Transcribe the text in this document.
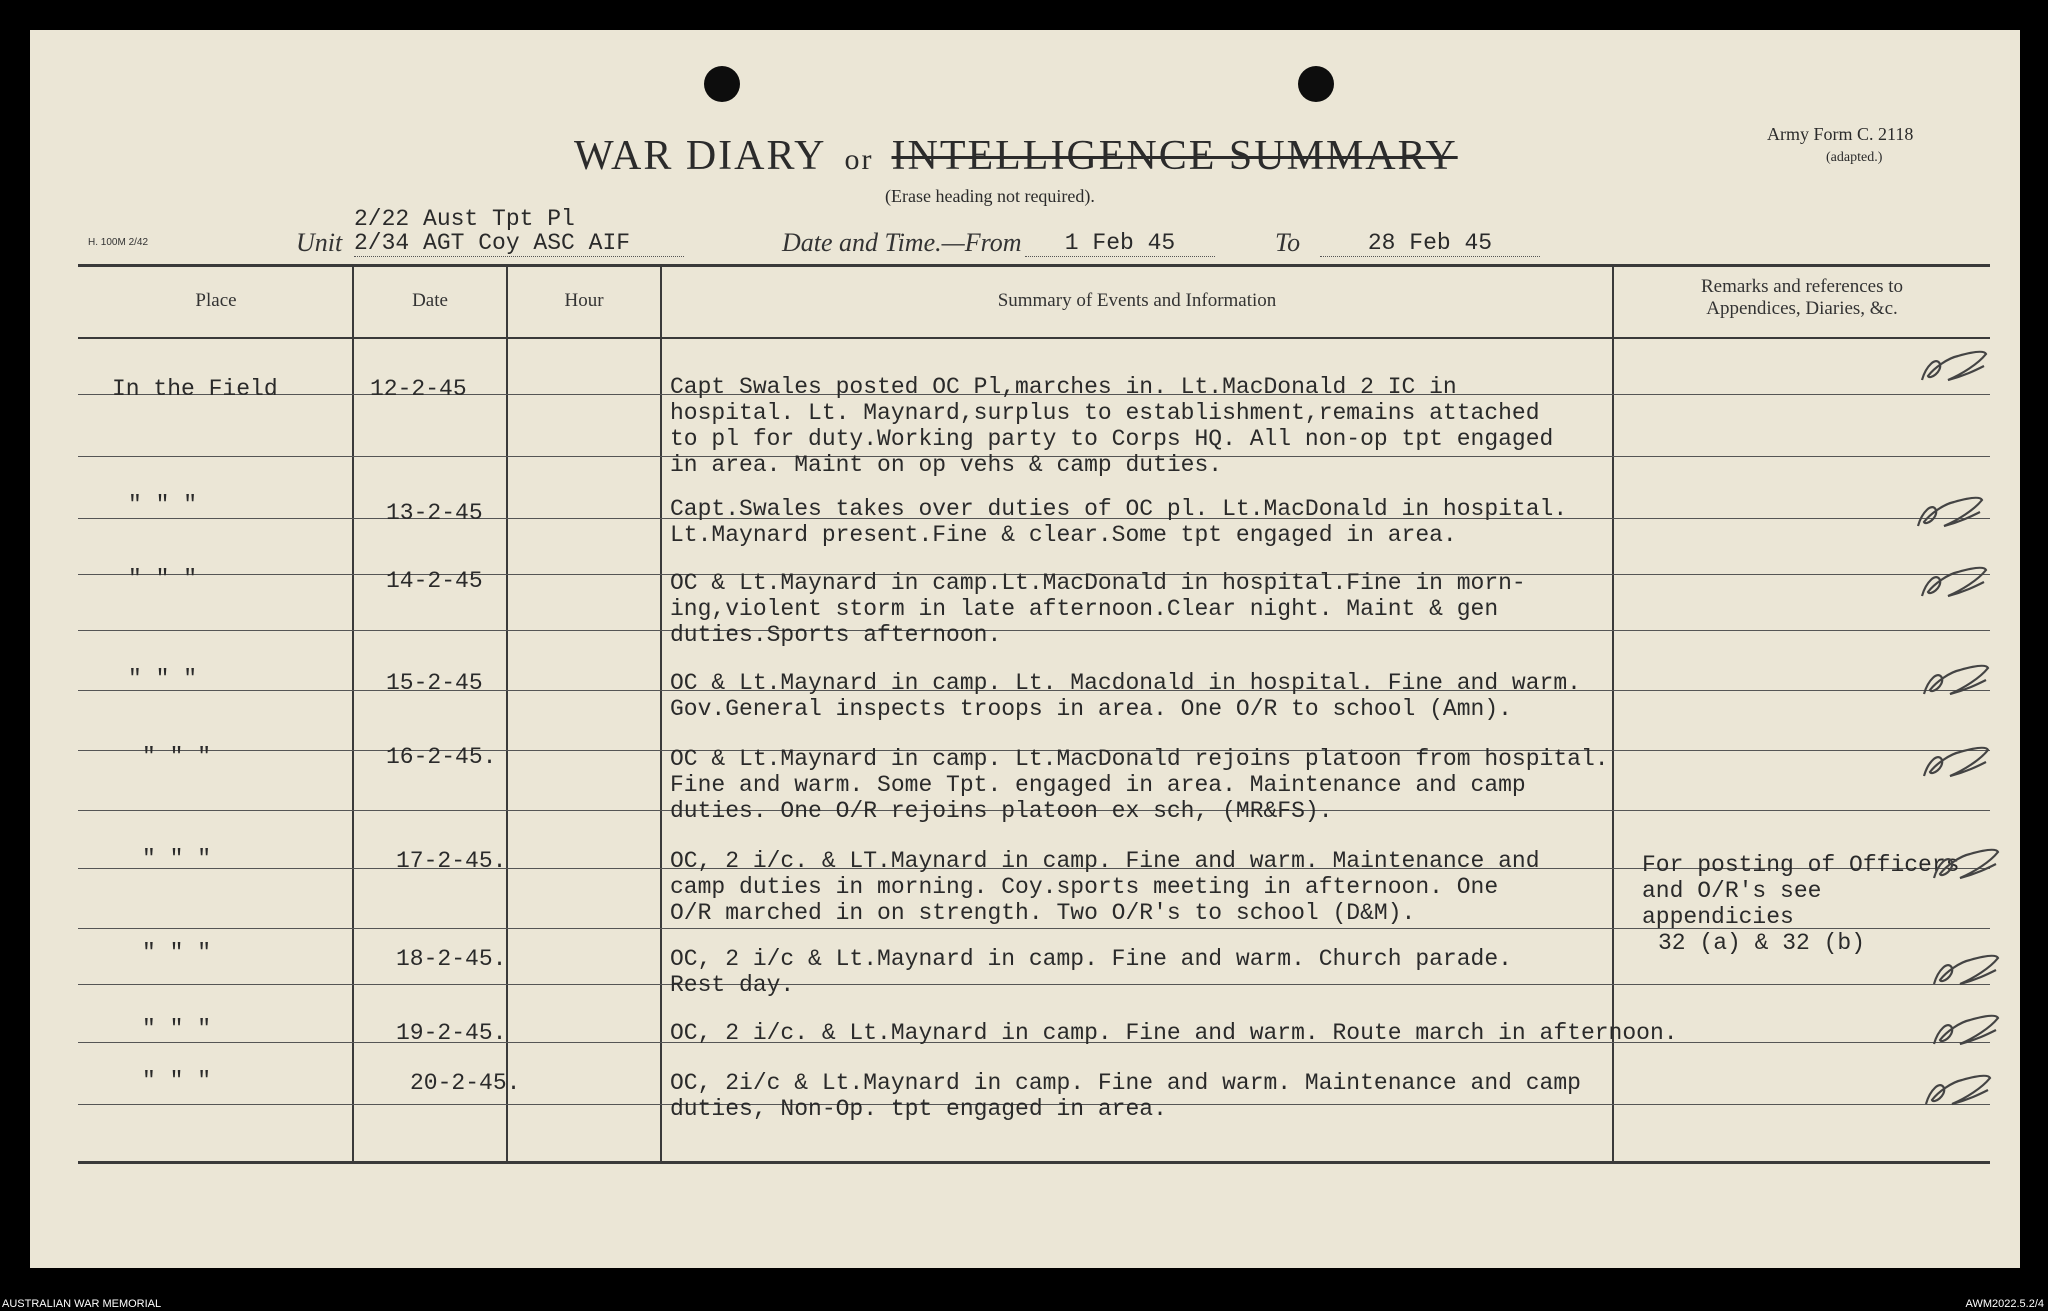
WAR DIARY or INTELLIGENCE SUMMARY
(Erase heading not required).
Army Form C. 2118
(adapted.)
H. 100M 2/42
2/22 Aust Tpt Pl
Unit 2/34 AGT Coy ASC AIF	Date and Time.—From	1 Feb 45	To	28 Feb 45
Place	Date	Hour	Summary of Events and Information
Remarks and references to
Appendices, Diaries, &c.
In the Field	12-2-45	Capt Swales posted OC Pl,marches in. Lt.MacDonald 2 IC in
hospital. Lt. Maynard,surplus to establishment,remains attached
to pl for duty.Working party to Corps HQ. All non-op tpt engaged
in area. Maint on op vehs & camp duties.
" " "	13-2-45	Capt.Swales takes over duties of OC pl. Lt.MacDonald in hospital.
Lt.Maynard present.Fine & clear.Some tpt engaged in area.
" " "	14-2-45	OC & Lt.Maynard in camp.Lt.MacDonald in hospital.Fine in morn-
ing,violent storm in late afternoon.Clear night. Maint & gen
duties.Sports afternoon.
" " "	15-2-45	OC & Lt.Maynard in camp. Lt. Macdonald in hospital. Fine and warm.
Gov.General inspects troops in area. One O/R to school (Amn).
" " "	16-2-45.	OC & Lt.Maynard in camp. Lt.MacDonald rejoins platoon from hospital.
Fine and warm. Some Tpt. engaged in area. Maintenance and camp
duties. One O/R rejoins platoon ex sch, (MR&FS).
" " "	17-2-45.	OC, 2 i/c. & LT.Maynard in camp. Fine and warm. Maintenance and
camp duties in morning. Coy.sports meeting in afternoon. One
O/R marched in on strength. Two O/R's to school (D&M).
For posting of Officers
and O/R's see
appendicies
32 (a) & 32 (b)
" " "	18-2-45.	OC, 2 i/c & Lt.Maynard in camp. Fine and warm. Church parade.
Rest day.
" " "	19-2-45.	OC, 2 i/c. & Lt.Maynard in camp. Fine and warm. Route march in afternoon.
" " "	20-2-45.	OC, 2i/c & Lt.Maynard in camp. Fine and warm. Maintenance and camp
duties, Non-Op. tpt engaged in area.
AUSTRALIAN WAR MEMORIAL	AWM2022.5.2/4
